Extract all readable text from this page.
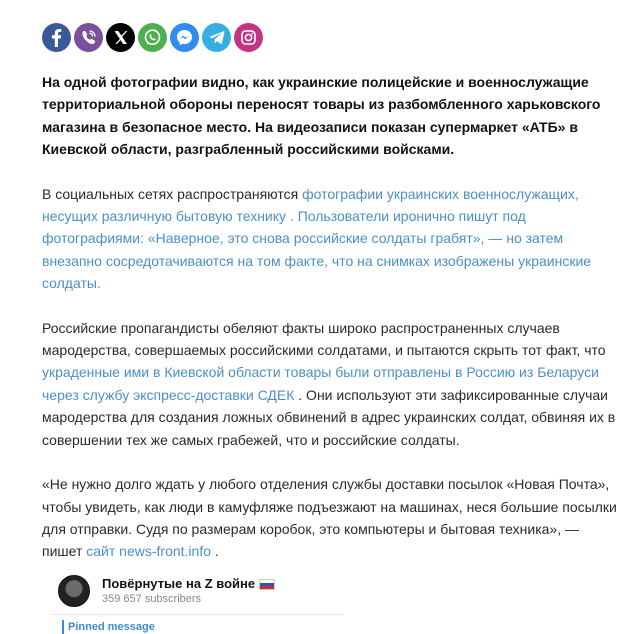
На одной фотографии видно, как украинские полицейские и военнослужащие территориальной обороны переносят товары из разбомбленного харьковского магазина в безопасное место. На видеозаписи показан супермаркет «АТБ» в Киевской области, разграбленный российскими войсками.

В социальных сетях распространяются фотографии украинских военнослужащих, несущих различную бытовую технику . Пользователи иронично пишут под фотографиями: «Наверное, это снова российские солдаты грабят», — но затем внезапно сосредотачиваются на том факте, что на снимках изображены украинские солдаты.

Российские пропагандисты обеляют факты широко распространенных случаев мародерства, совершаемых российскими солдатами, и пытаются скрыть тот факт, что украденные ими в Киевской области товары были отправлены в Россию из Беларуси через службу экспресс-доставки СДЕК . Они используют эти зафиксированные случаи мародерства для создания ложных обвинений в адрес украинских солдат, обвиняя их в совершении тех же самых грабежей, что и российские солдаты.

«Не нужно долго ждать у любого отделения службы доставки посылок «Новая Почта», чтобы увидеть, как люди в камуфляже подъезжают на машинах, неся большие посылки для отправки. Судя по размерам коробок, это компьютеры и бытовая техника», — пишет сайт news-front.info .

Повёрнутые на Z войне
359 657 subscribers
Pinned message
